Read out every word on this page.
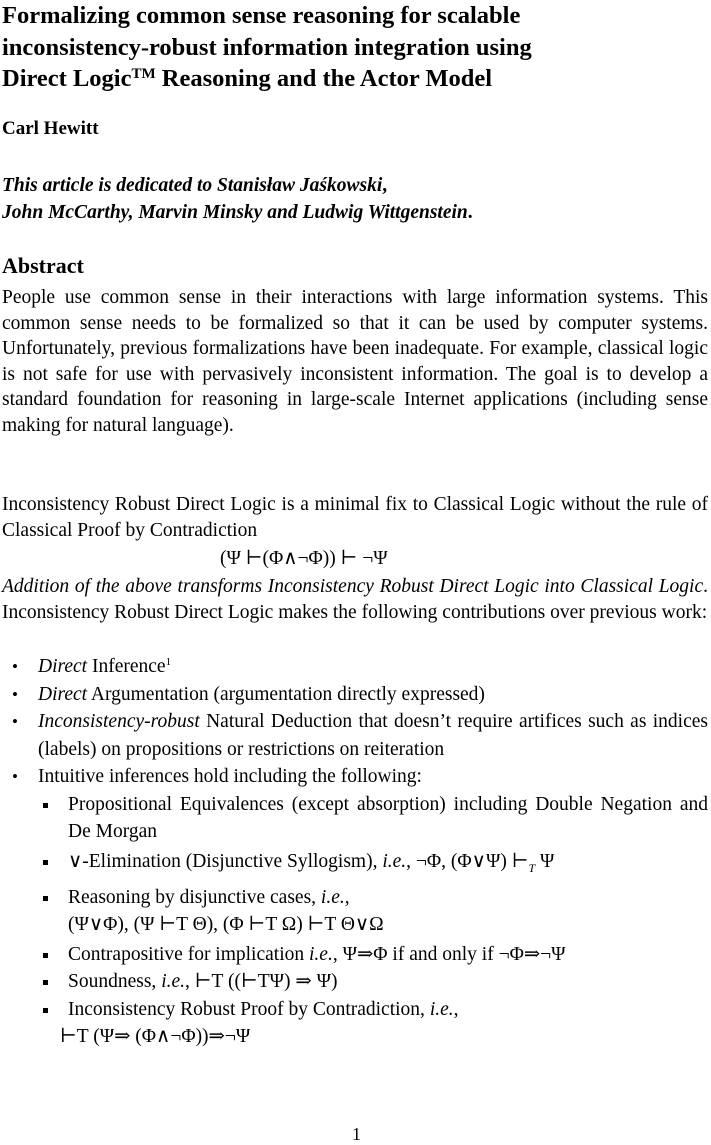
Formalizing common sense reasoning for scalable
inconsistency-robust information integration using
Direct Logic™ Reasoning and the Actor Model
Carl Hewitt
This article is dedicated to Stanisław Jaśkowski,
John McCarthy, Marvin Minsky and Ludwig Wittgenstein.
Abstract

People use common sense in their interactions with large information systems. This common sense needs to be formalized so that it can be used by computer systems. Unfortunately, previous formalizations have been inadequate. For example, classical logic is not safe for use with pervasively inconsistent information. The goal is to develop a standard foundation for reasoning in large-scale Internet applications (including sense making for natural language).

Inconsistency Robust Direct Logic is a minimal fix to Classical Logic without the rule of Classical Proof by Contradiction

(Ψ ⊢(Φ∧¬Φ)) ⊢ ¬Ψ

Addition of the above transforms Inconsistency Robust Direct Logic into Classical Logic. Inconsistency Robust Direct Logic makes the following contributions over previous work:

• Direct Inference$^1$
• Direct Argumentation (argumentation directly expressed)
• Inconsistency-robust Natural Deduction that doesn’t require artifices such as indices (labels) on propositions or restrictions on reiteration
• Intuitive inferences hold including the following:
Propositional Equivalences (except absorption) including Double Negation and De Morgan
∨-Elimination (Disjunctive Syllogism), i.e., ¬Φ, (Φ∨Ψ) $⊢_T$ Ψ
Reasoning by disjunctive cases, i.e.,
(Ψ∨Φ), (Ψ ⊢T Θ), (Φ ⊢T Ω) ⊢T Θ∨Ω
Contrapositive for implication i.e., Ψ⇒Φ if and only if ¬Φ⇒¬Ψ
Soundness, i.e., ⊢T ((⊢TΨ) ⇒ Ψ)
Inconsistency Robust Proof by Contradiction, i.e.,
⊢T (Ψ⇒ (Φ∧¬Φ))⇒¬Ψ
1
